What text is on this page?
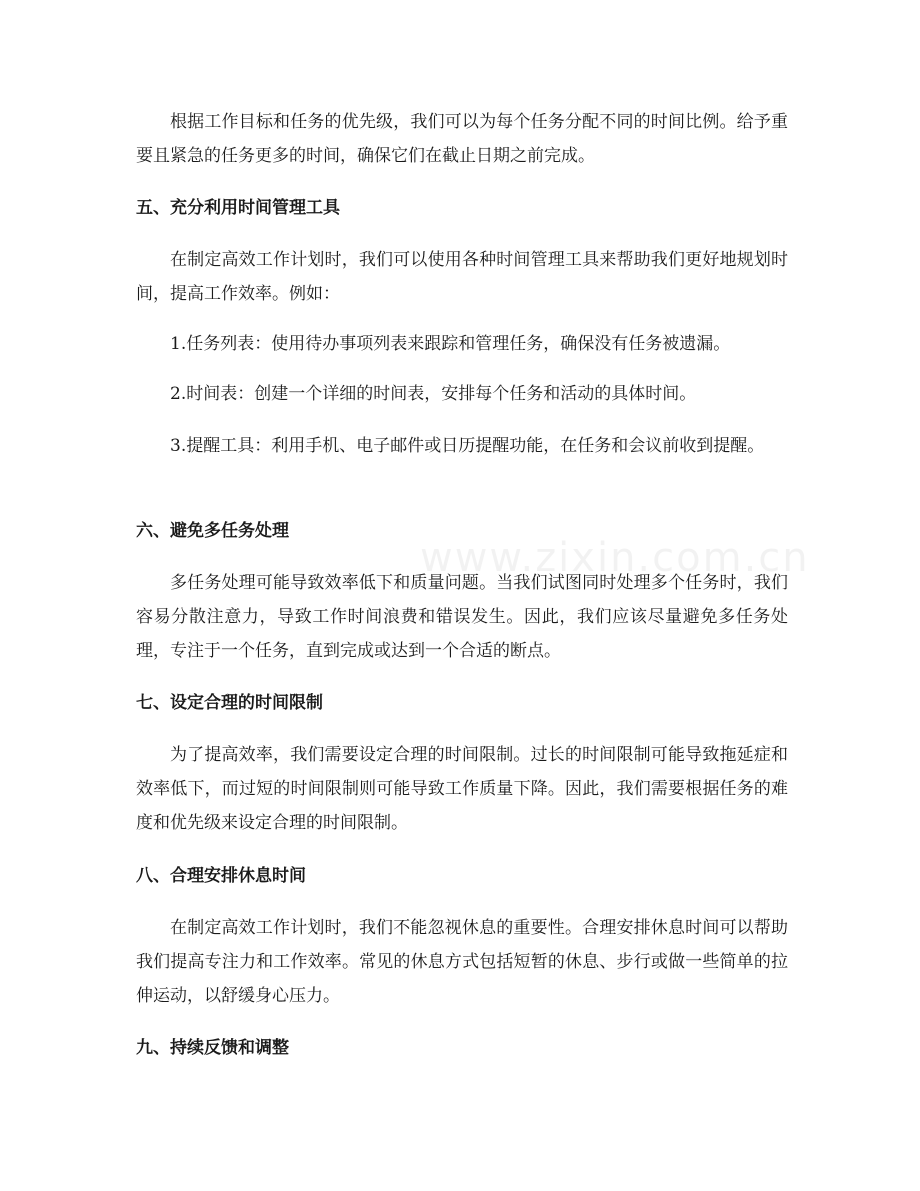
www.zixin.com.cn

根据工作目标和任务的优先级，我们可以为每个任务分配不同的时间比例。给予重要且紧急的任务更多的时间，确保它们在截止日期之前完成。

五、充分利用时间管理工具

在制定高效工作计划时，我们可以使用各种时间管理工具来帮助我们更好地规划时间，提高工作效率。例如：

1.任务列表：使用待办事项列表来跟踪和管理任务，确保没有任务被遗漏。

2.时间表：创建一个详细的时间表，安排每个任务和活动的具体时间。

3.提醒工具：利用手机、电子邮件或日历提醒功能，在任务和会议前收到提醒。

六、避免多任务处理

多任务处理可能导致效率低下和质量问题。当我们试图同时处理多个任务时，我们容易分散注意力，导致工作时间浪费和错误发生。因此，我们应该尽量避免多任务处理，专注于一个任务，直到完成或达到一个合适的断点。

七、设定合理的时间限制

为了提高效率，我们需要设定合理的时间限制。过长的时间限制可能导致拖延症和效率低下，而过短的时间限制则可能导致工作质量下降。因此，我们需要根据任务的难度和优先级来设定合理的时间限制。

八、合理安排休息时间

在制定高效工作计划时，我们不能忽视休息的重要性。合理安排休息时间可以帮助我们提高专注力和工作效率。常见的休息方式包括短暂的休息、步行或做一些简单的拉伸运动，以舒缓身心压力。

九、持续反馈和调整
